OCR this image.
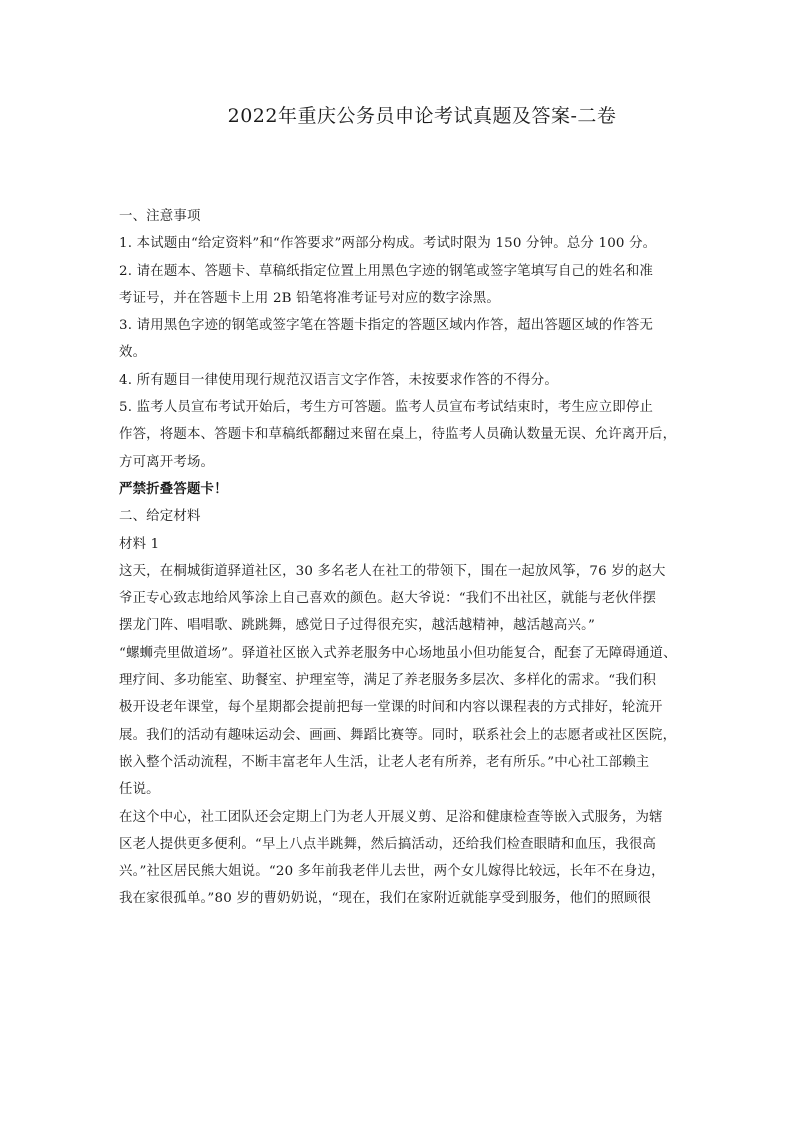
2022年重庆公务员申论考试真题及答案-二卷
一、注意事项
1. 本试题由“给定资料”和“作答要求”两部分构成。考试时限为 150 分钟。总分 100 分。
2. 请在题本、答题卡、草稿纸指定位置上用黑色字迹的钢笔或签字笔填写自己的姓名和准
考证号，并在答题卡上用 2B 铅笔将准考证号对应的数字涂黑。
3. 请用黑色字迹的钢笔或签字笔在答题卡指定的答题区域内作答，超出答题区域的作答无
效。
4. 所有题目一律使用现行规范汉语言文字作答，未按要求作答的不得分。
5. 监考人员宣布考试开始后，考生方可答题。监考人员宣布考试结束时，考生应立即停止
作答，将题本、答题卡和草稿纸都翻过来留在桌上，待监考人员确认数量无误、允许离开后，
方可离开考场。
严禁折叠答题卡！
二、给定材料
材料 1
这天，在桐城街道驿道社区，30 多名老人在社工的带领下，围在一起放风筝，76 岁的赵大
爷正专心致志地给风筝涂上自己喜欢的颜色。赵大爷说：“我们不出社区，就能与老伙伴摆
摆龙门阵、唱唱歌、跳跳舞，感觉日子过得很充实，越活越精神，越活越高兴。”
“螺蛳壳里做道场”。驿道社区嵌入式养老服务中心场地虽小但功能复合，配套了无障碍通道、
理疗间、多功能室、助餐室、护理室等，满足了养老服务多层次、多样化的需求。“我们积
极开设老年课堂，每个星期都会提前把每一堂课的时间和内容以课程表的方式排好，轮流开
展。我们的活动有趣味运动会、画画、舞蹈比赛等。同时，联系社会上的志愿者或社区医院，
嵌入整个活动流程，不断丰富老年人生活，让老人老有所养，老有所乐。”中心社工部赖主
任说。
在这个中心，社工团队还会定期上门为老人开展义剪、足浴和健康检查等嵌入式服务，为辖
区老人提供更多便利。“早上八点半跳舞，然后搞活动，还给我们检查眼睛和血压，我很高
兴。”社区居民熊大姐说。“20 多年前我老伴儿去世，两个女儿嫁得比较远，长年不在身边，
我在家很孤单。”80 岁的曹奶奶说，“现在，我们在家附近就能享受到服务，他们的照顾很
